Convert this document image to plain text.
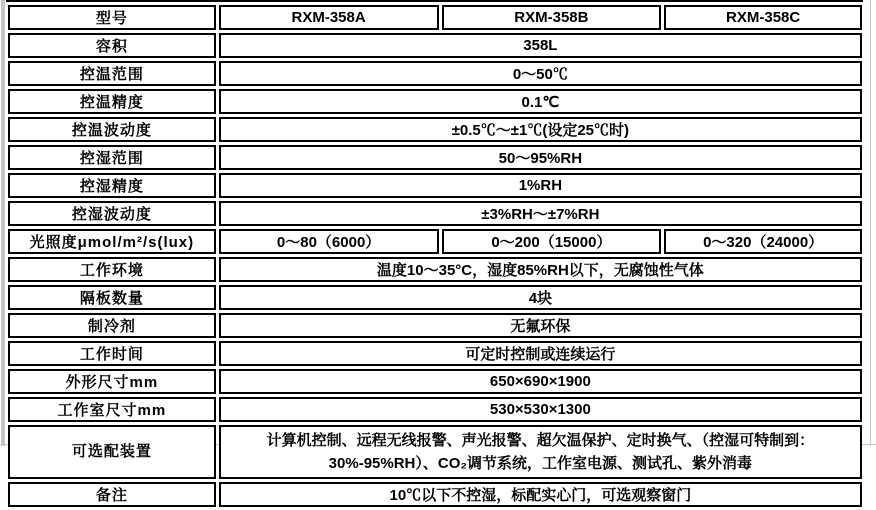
型号	RXM-358A	RXM-358B	RXM-358C
容积	358L		
控温范围	0～50℃		
控温精度	0.1℃		
控温波动度	±0.5℃～±1℃(设定25℃时)		
控湿范围	50～95%RH		
控湿精度	1%RH		
控湿波动度	±3%RH～±7%RH		
光照度μmol/m²/s(lux)	0～80（6000）	0～200（15000）	0～320（24000）
工作环境	温度10～35°C，湿度85%RH以下，无腐蚀性气体		
隔板数量	4块		
制冷剂	无氟环保		
工作时间	可定时控制或连续运行		
外形尺寸mm	650×690×1900		
工作室尺寸mm	530×530×1300		
可选配装置	计算机控制、远程无线报警、声光报警、超欠温保护、定时换气、（控湿可特制到：30%-95%RH）、CO₂调节系统，工作室电源、测试孔、紫外消毒		
备注	10℃以下不控湿，标配实心门，可选观察窗门		
